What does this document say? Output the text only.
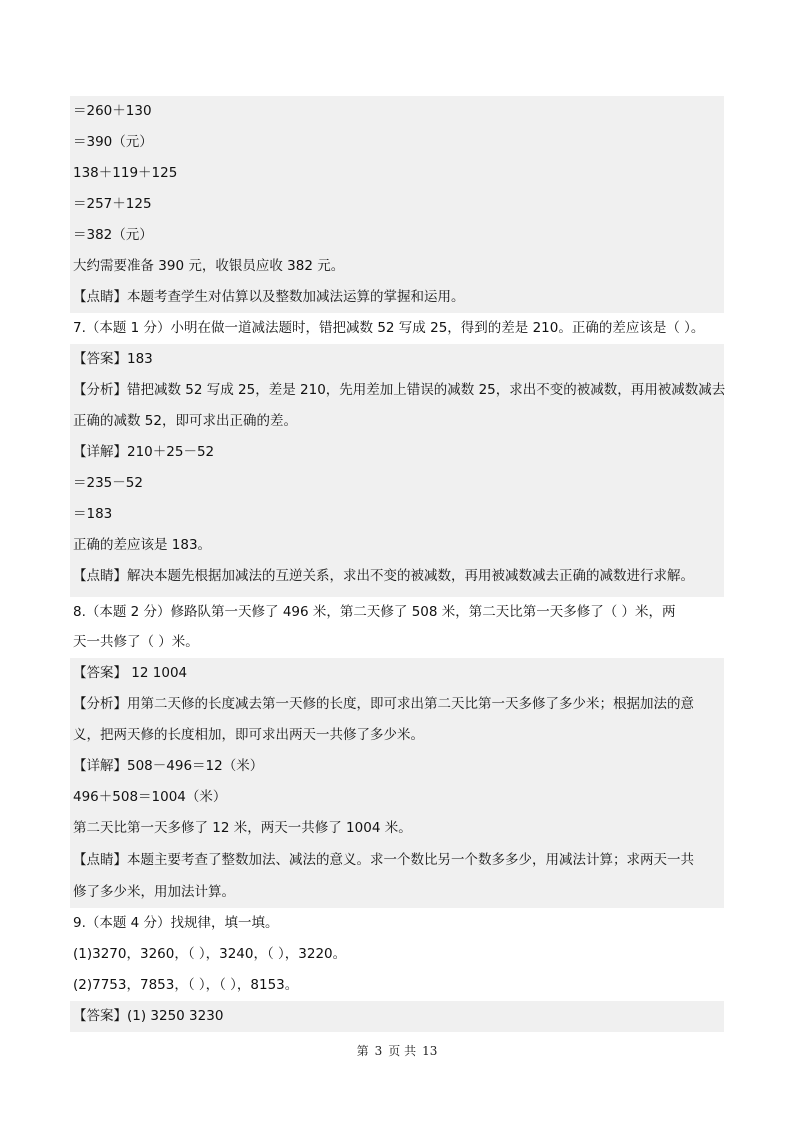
＝260＋130
＝390（元）
138＋119＋125
＝257＋125
＝382（元）
大约需要准备 390 元，收银员应收 382 元。
【点睛】本题考查学生对估算以及整数加减法运算的掌握和运用。
7.（本题 1 分）小明在做一道减法题时，错把减数 52 写成 25，得到的差是 210。正确的差应该是（ ）。
【答案】183
【分析】错把减数 52 写成 25，差是 210，先用差加上错误的减数 25，求出不变的被减数，再用被减数减去
正确的减数 52，即可求出正确的差。
【详解】210＋25－52
＝235－52
＝183
正确的差应该是 183。
【点睛】解决本题先根据加减法的互逆关系，求出不变的被减数，再用被减数减去正确的减数进行求解。
8.（本题 2 分）修路队第一天修了 496 米，第二天修了 508 米，第二天比第一天多修了（ ）米，两
天一共修了（ ）米。
【答案】 12 1004
【分析】用第二天修的长度减去第一天修的长度，即可求出第二天比第一天多修了多少米；根据加法的意
义，把两天修的长度相加，即可求出两天一共修了多少米。
【详解】508－496＝12（米）
496＋508＝1004（米）
第二天比第一天多修了 12 米，两天一共修了 1004 米。
【点睛】本题主要考查了整数加法、减法的意义。求一个数比另一个数多多少，用减法计算；求两天一共
修了多少米，用加法计算。
9.（本题 4 分）找规律，填一填。
(1)3270，3260，（ ），3240，（ ），3220。
(2)7753，7853，（ ），（ ），8153。
【答案】(1) 3250 3230
第 3 页 共 13
